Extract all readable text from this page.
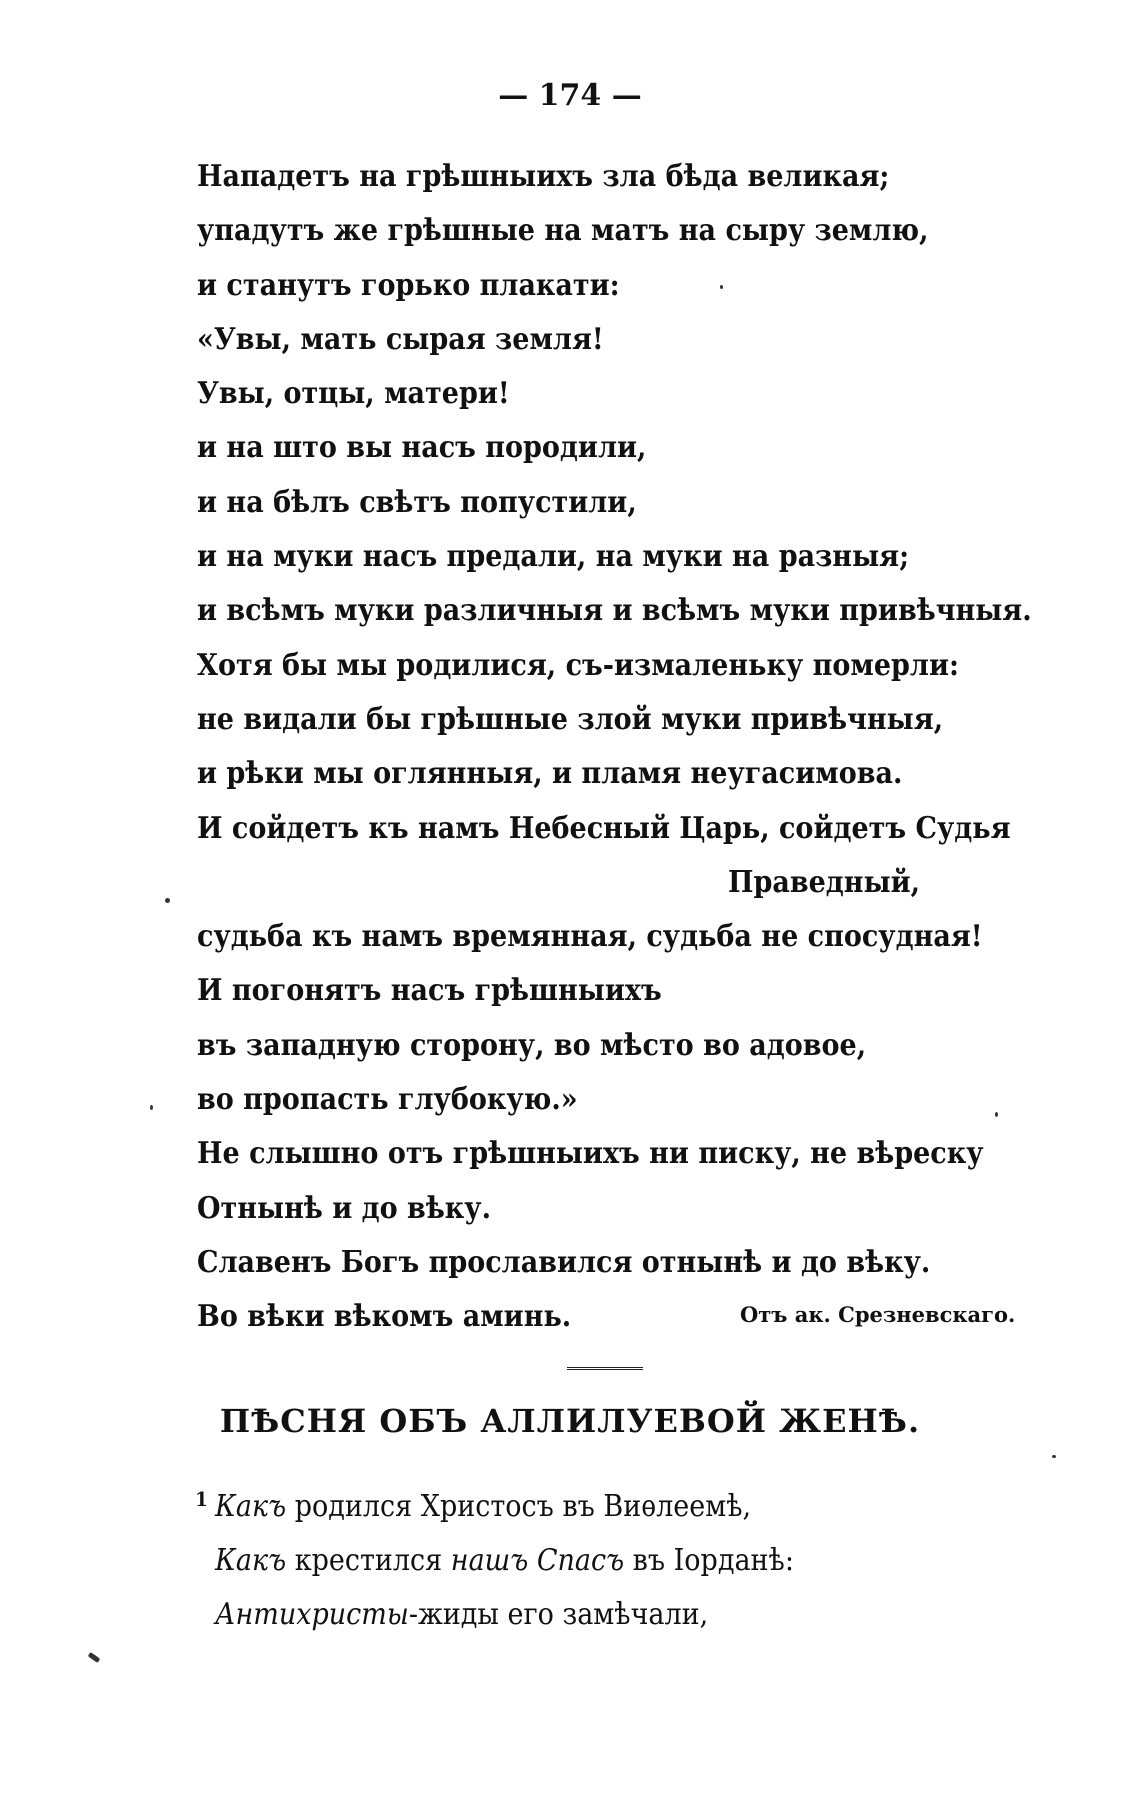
— 174 —
Нападетъ на грѣшныихъ зла бѣда великая;
упадутъ же грѣшные на матъ на сыру землю,
и станутъ горько плакати:
«Увы, мать сырая земля!
Увы, отцы, матери!
и на што вы насъ породили,
и на бѣлъ свѣтъ попустили,
и на муки насъ предали, на муки на разныя;
и всѣмъ муки различныя и всѣмъ муки привѣчныя.
Хотя бы мы родилися, съ-измаленьку померли:
не видали бы грѣшные злой муки привѣчныя,
и рѣки мы оглянныя, и пламя неугасимова.
И сойдетъ къ намъ Небесный Царь, сойдетъ Судья
Праведный,
судьба къ намъ времянная, судьба не спосудная!
И погонятъ насъ грѣшныихъ
въ западную сторону, во мѣсто во адовое,
во пропасть глубокую.»
Не слышно отъ грѣшныихъ ни писку, не вѣреску
Отнынѣ и до вѣку.
Славенъ Богъ прославился отнынѣ и до вѣку.
Во вѣки вѣкомъ аминь.	Отъ ак. Срезневскаго.
ПѢСНЯ ОБЪ АЛЛИЛУЕВОЙ ЖЕНѢ.
1 Какъ родился Христосъ въ Виѳлеемѣ,
Какъ крестился нашъ Спасъ въ Іорданѣ:
Антихристы-жиды его замѣчали,
